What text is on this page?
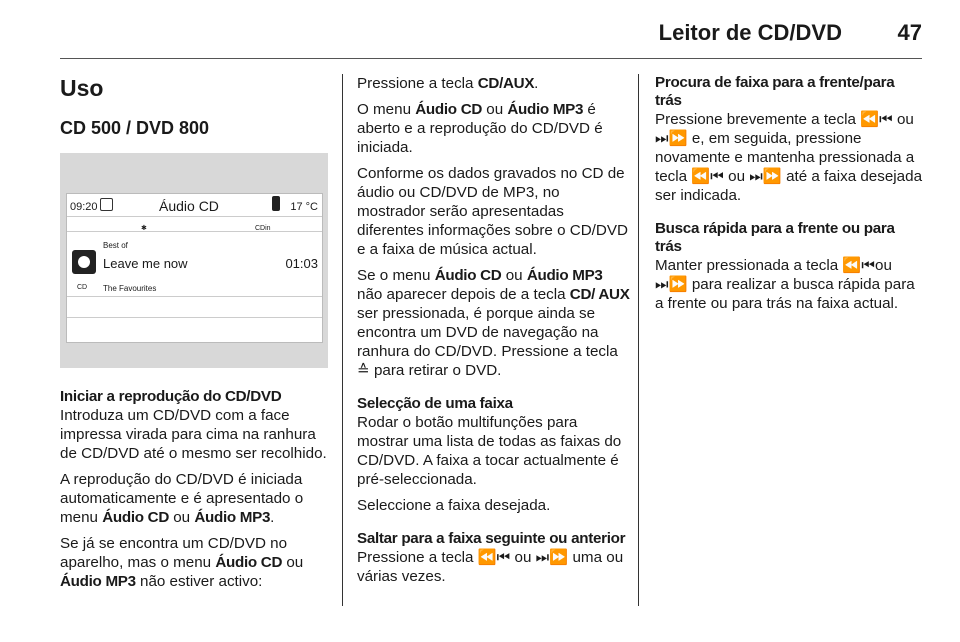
Leitor de CD/DVD	47
Uso
CD 500 / DVD 800
09:20	Áudio CD	17 °C
✱	CDin
CD
Best of
Leave me now
The Favourites
01:03
Iniciar a reprodução do CD/DVD

Introduza um CD/DVD com a face impressa virada para cima na ranhura de CD/DVD até o mesmo ser recolhido.

A reprodução do CD/DVD é iniciada automaticamente e é apresentado o menu Áudio CD ou Áudio MP3.

Se já se encontra um CD/DVD no aparelho, mas o menu Áudio CD ou Áudio MP3 não estiver activo:

Pressione a tecla CD/AUX.

O menu Áudio CD ou Áudio MP3 é aberto e a reprodução do CD/DVD é iniciada.

Conforme os dados gravados no CD de áudio ou CD/DVD de MP3, no mostrador serão apresentadas diferentes informações sobre o CD/DVD e a faixa de música actual.

Se o menu Áudio CD ou Áudio MP3 não aparecer depois de a tecla CD/ AUX ser pressionada, é porque ainda se encontra um DVD de navegação na ranhura do CD/DVD. Pressione a tecla ≙ para retirar o DVD.

Selecção de uma faixa

Rodar o botão multifunções para mostrar uma lista de todas as faixas do CD/DVD. A faixa a tocar actualmente é pré-seleccionada.

Seleccione a faixa desejada.

Saltar para a faixa seguinte ou anterior

Pressione a tecla ⏪⏮ ou ⏭⏩ uma ou várias vezes.

Procura de faixa para a frente/para trás

Pressione brevemente a tecla ⏪⏮ ou ⏭⏩ e, em seguida, pressione novamente e mantenha pressionada a tecla ⏪⏮ ou ⏭⏩ até a faixa desejada ser indicada.

Busca rápida para a frente ou para trás

Manter pressionada a tecla ⏪⏮ou ⏭⏩ para realizar a busca rápida para a frente ou para trás na faixa actual.
